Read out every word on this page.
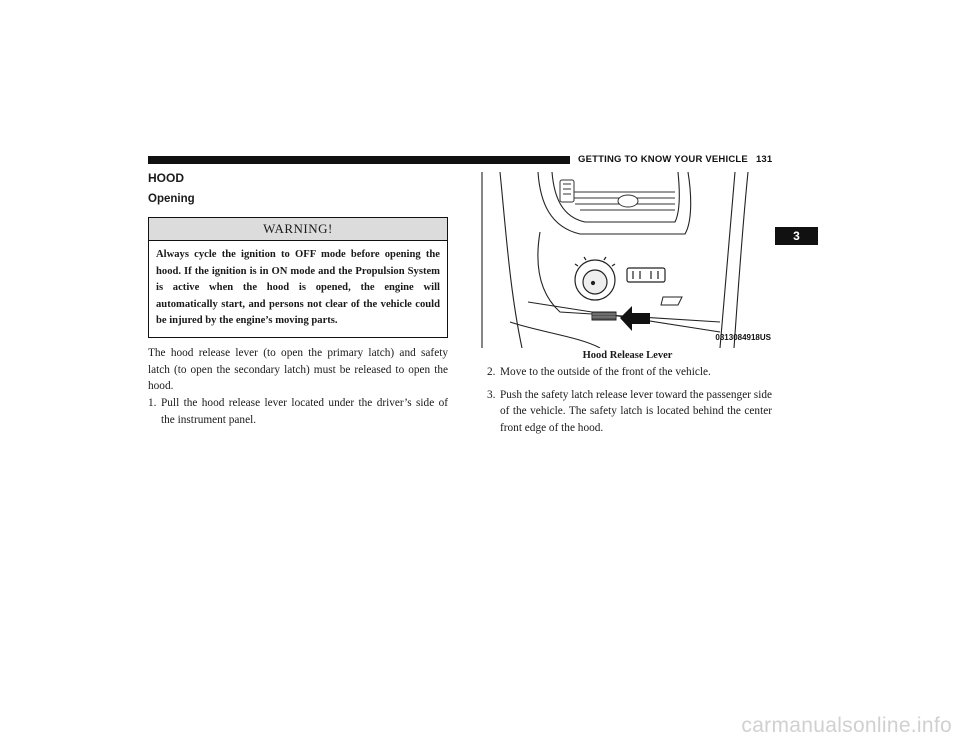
GETTING TO KNOW YOUR VEHICLE 131
3
HOOD
Opening
WARNING!
Always cycle the ignition to OFF mode before opening the hood. If the ignition is in ON mode and the Propulsion System is active when the hood is opened, the engine will automatically start, and persons not clear of the vehicle could be injured by the engine’s moving parts.

The hood release lever (to open the primary latch) and safety latch (to open the secondary latch) must be released to open the hood.

1. Pull the hood release lever located under the driver’s side of the instrument panel.
0313084918US
Hood Release Lever
2. Move to the outside of the front of the vehicle.
3. Push the safety latch release lever toward the passenger side of the vehicle. The safety latch is located behind the center front edge of the hood.
carmanualsonline.info
